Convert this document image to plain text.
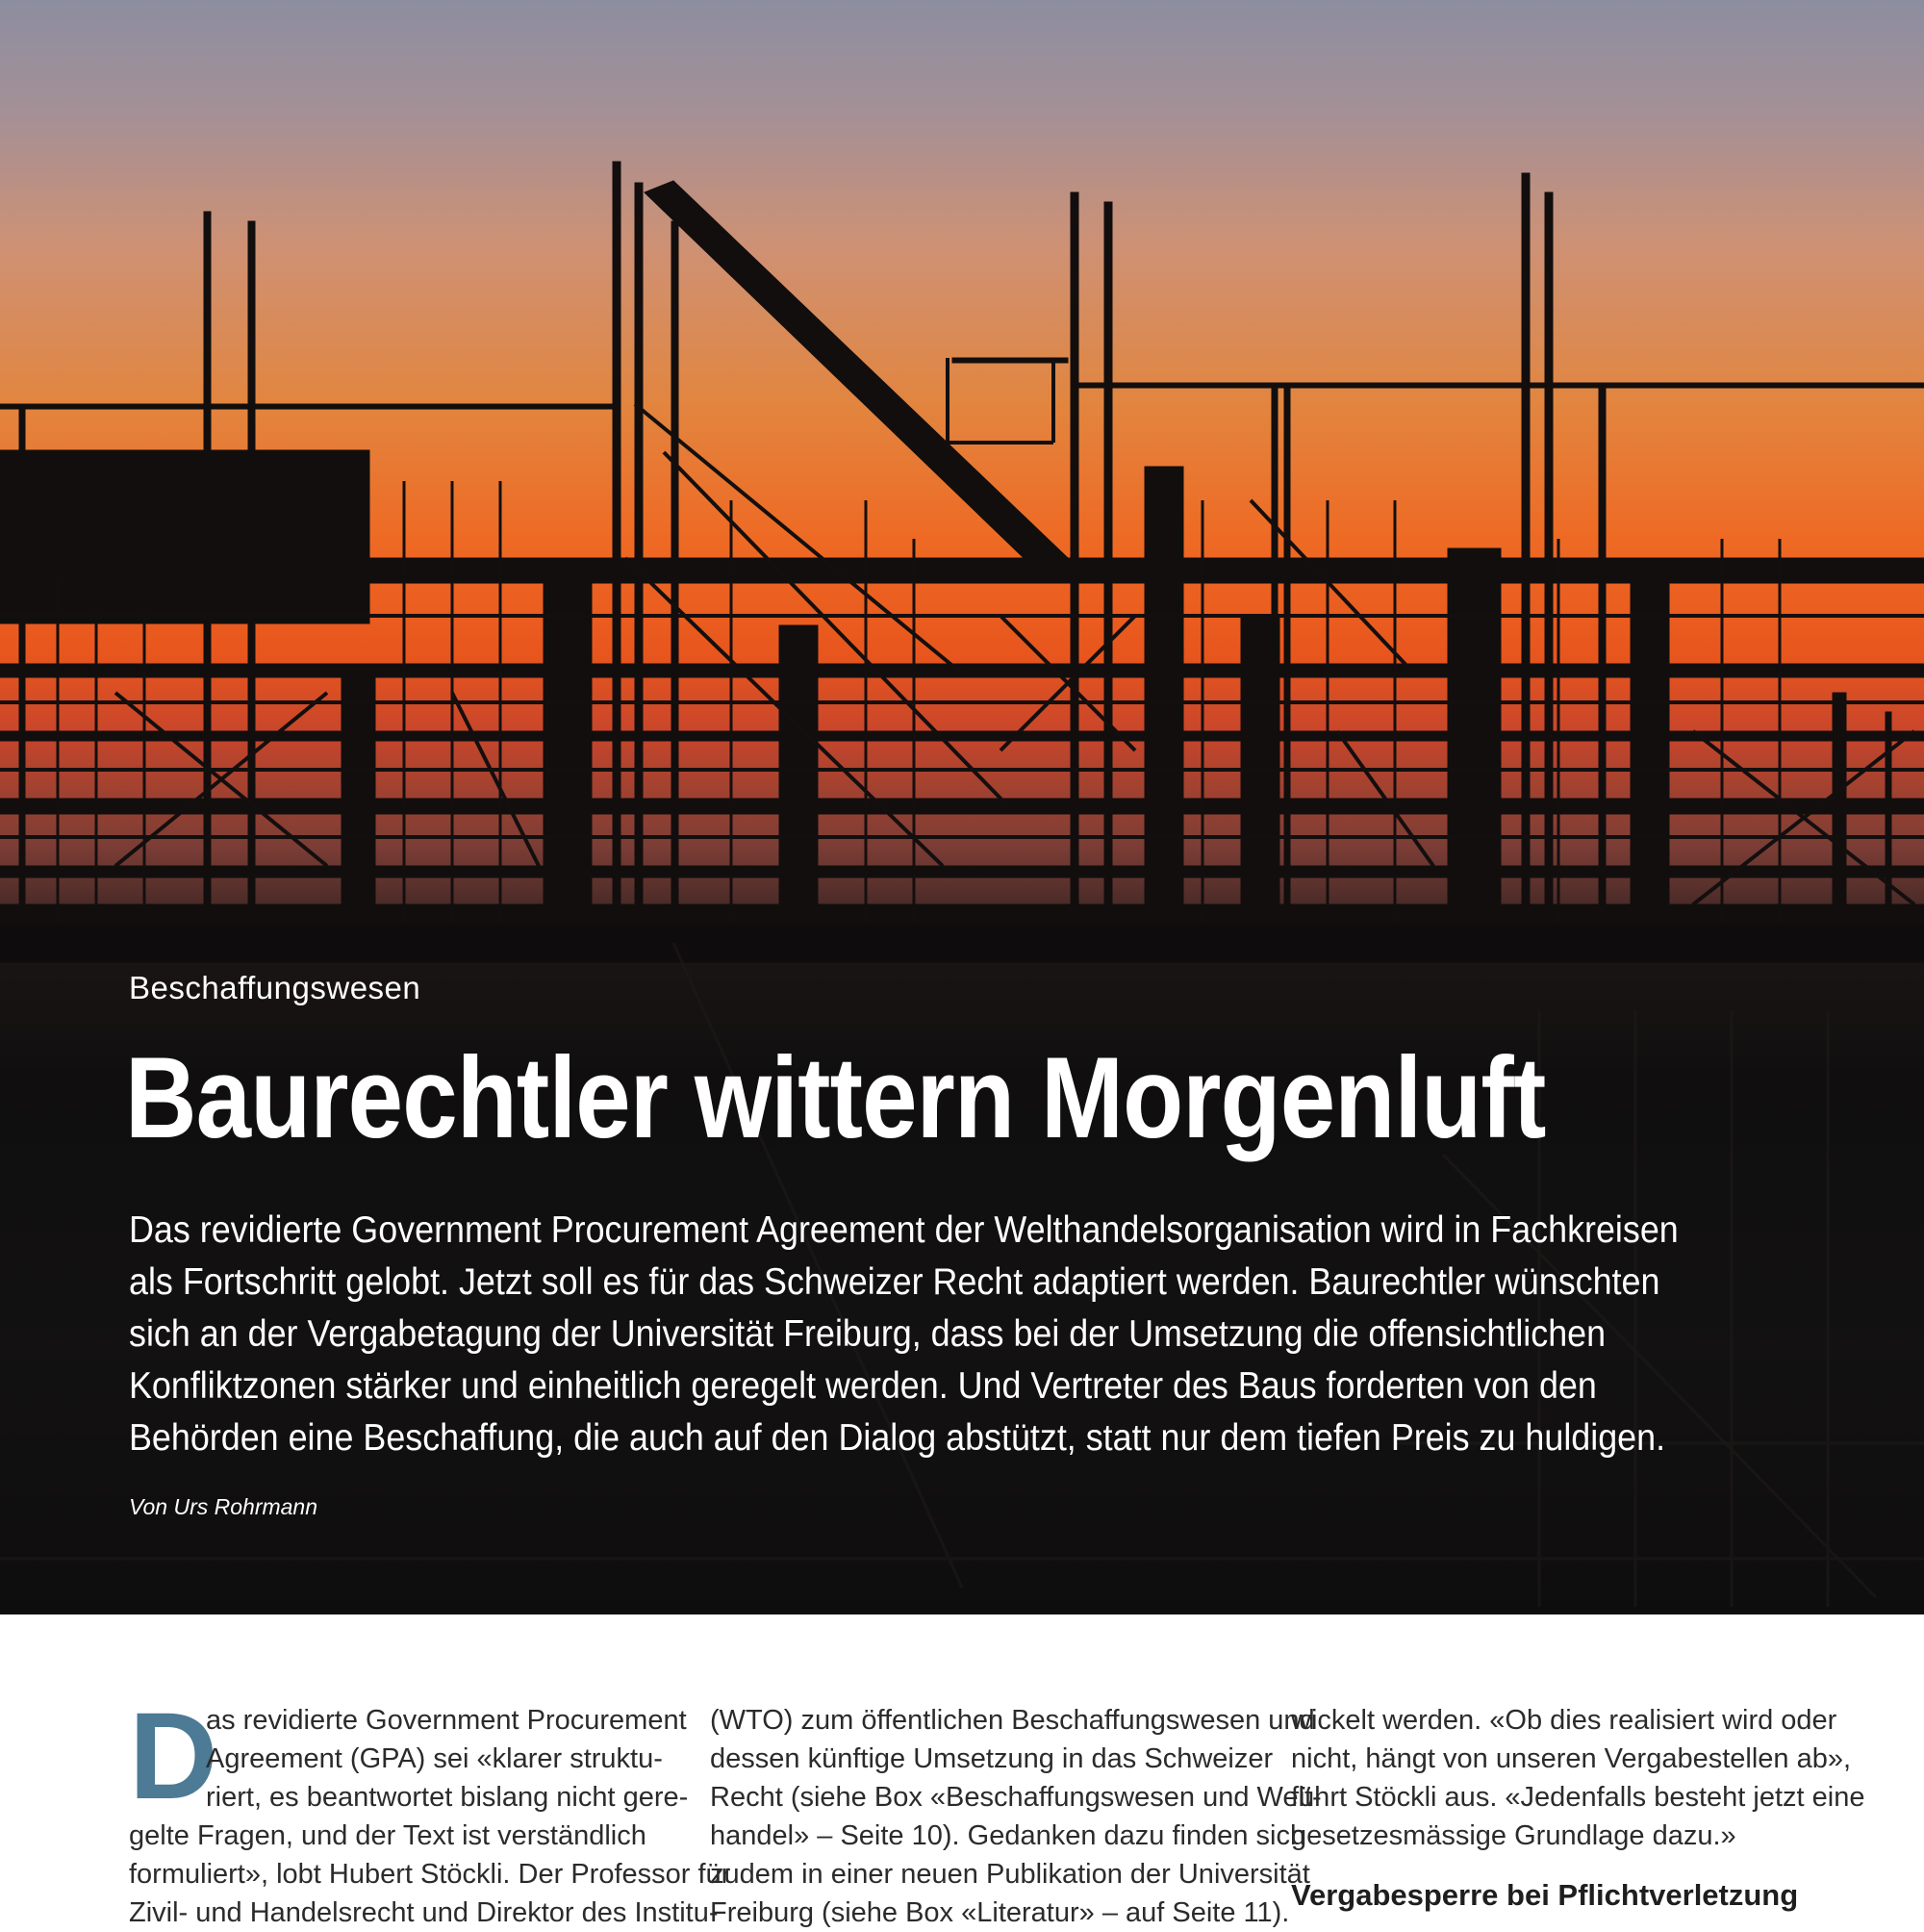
Beschaffungswesen
Baurechtler wittern Morgenluft
Das revidierte Government Procurement Agreement der Welthandelsorganisation wird in Fachkreisen
als Fortschritt gelobt. Jetzt soll es für das Schweizer Recht adaptiert werden. Baurechtler wünschten
sich an der Vergabetagung der Universität Freiburg, dass bei der Umsetzung die offensichtlichen
Konfliktzonen stärker und einheitlich geregelt werden. Und Vertreter des Baus forderten von den
Behörden eine Beschaffung, die auch auf den Dialog abstützt, statt nur dem tiefen Preis zu huldigen.
Von Urs Rohrmann
D
as revidierte Government Procurement
Agreement (GPA) sei «klarer struktu-
riert, es beantwortet bislang nicht gere-
gelte Fragen, und der Text ist verständlich
formuliert», lobt Hubert Stöckli. Der Professor für
Zivil- und Handelsrecht und Direktor des Institu-
(WTO) zum öffentlichen Beschaffungswesen und
dessen künftige Umsetzung in das Schweizer
Recht (siehe Box «Beschaffungswesen und Welt-
handel» – Seite 10). Gedanken dazu finden sich
zudem in einer neuen Publikation der Universität
Freiburg (siehe Box «Literatur» – auf Seite 11).
wickelt werden. «Ob dies realisiert wird oder
nicht, hängt von unseren Vergabestellen ab»,
führt Stöckli aus. «Jedenfalls besteht jetzt eine
gesetzesmässige Grundlage dazu.»
Vergabesperre bei Pflichtverletzung
